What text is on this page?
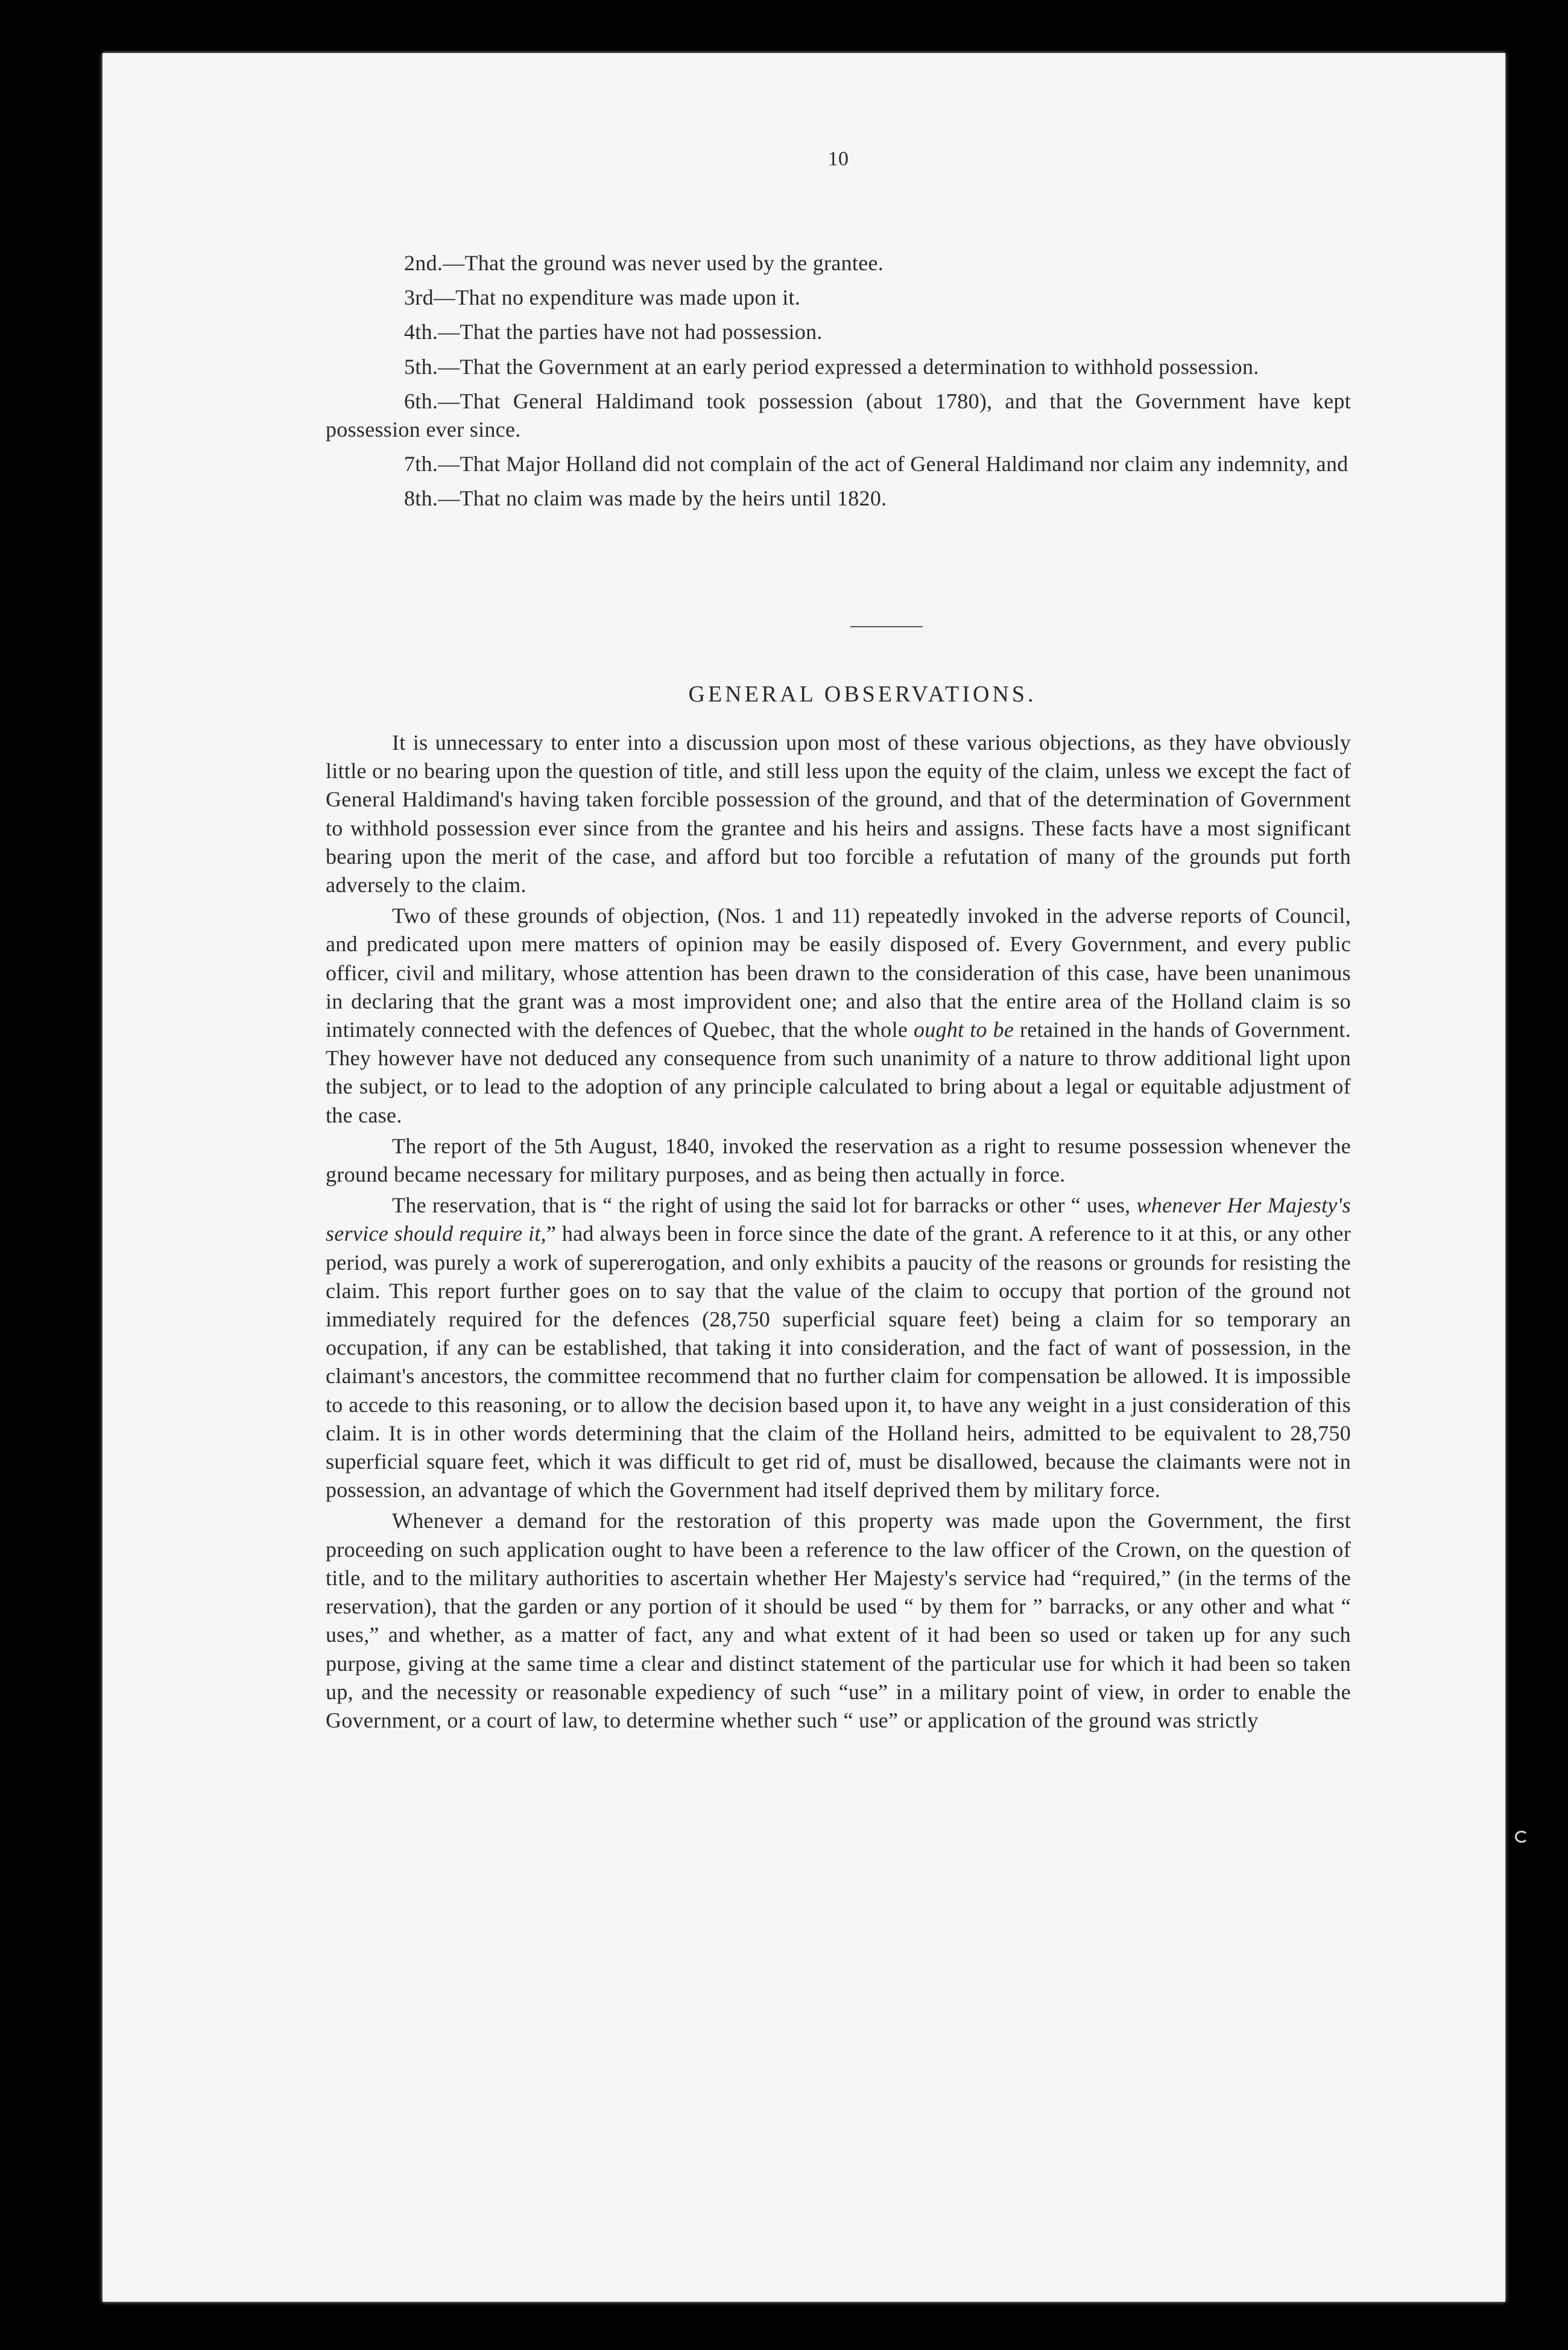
10

2nd.—That the ground was never used by the grantee.

3rd—That no expenditure was made upon it.

4th.—That the parties have not had possession.

5th.—That the Government at an early period expressed a determination to withhold possession.

6th.—That General Haldimand took possession (about 1780), and that the Government have kept possession ever since.

7th.—That Major Holland did not complain of the act of General Haldimand nor claim any indemnity, and

8th.—That no claim was made by the heirs until 1820.

GENERAL OBSERVATIONS.

It is unnecessary to enter into a discussion upon most of these various objections, as they have obviously little or no bearing upon the question of title, and still less upon the equity of the claim, unless we except the fact of General Haldimand's having taken forcible possession of the ground, and that of the determination of Government to withhold possession ever since from the grantee and his heirs and assigns. These facts have a most significant bearing upon the merit of the case, and afford but too forcible a refutation of many of the grounds put forth adversely to the claim.

Two of these grounds of objection, (Nos. 1 and 11) repeatedly invoked in the adverse reports of Council, and predicated upon mere matters of opinion may be easily disposed of. Every Government, and every public officer, civil and military, whose attention has been drawn to the consideration of this case, have been unanimous in declaring that the grant was a most improvident one; and also that the entire area of the Holland claim is so intimately connected with the defences of Quebec, that the whole ought to be retained in the hands of Government. They however have not deduced any consequence from such unanimity of a nature to throw additional light upon the subject, or to lead to the adoption of any principle calculated to bring about a legal or equitable adjustment of the case.

The report of the 5th August, 1840, invoked the reservation as a right to resume possession whenever the ground became necessary for military purposes, and as being then actually in force.

The reservation, that is “ the right of using the said lot for barracks or other “ uses, whenever Her Majesty's service should require it,” had always been in force since the date of the grant. A reference to it at this, or any other period, was purely a work of supererogation, and only exhibits a paucity of the reasons or grounds for resisting the claim. This report further goes on to say that the value of the claim to occupy that portion of the ground not immediately required for the defences (28,750 superficial square feet) being a claim for so temporary an occupation, if any can be established, that taking it into consideration, and the fact of want of possession, in the claimant's ancestors, the committee recommend that no further claim for compensation be allowed. It is impossible to accede to this reasoning, or to allow the decision based upon it, to have any weight in a just consideration of this claim. It is in other words determining that the claim of the Holland heirs, admitted to be equivalent to 28,750 superficial square feet, which it was difficult to get rid of, must be disallowed, because the claimants were not in possession, an advantage of which the Government had itself deprived them by military force.

Whenever a demand for the restoration of this property was made upon the Government, the first proceeding on such application ought to have been a reference to the law officer of the Crown, on the question of title, and to the military authorities to ascertain whether Her Majesty's service had “required,” (in the terms of the reservation), that the garden or any portion of it should be used “ by them for ” barracks, or any other and what “ uses,” and whether, as a matter of fact, any and what extent of it had been so used or taken up for any such purpose, giving at the same time a clear and distinct statement of the particular use for which it had been so taken up, and the necessity or reasonable expediency of such “use” in a military point of view, in order to enable the Government, or a court of law, to determine whether such “ use” or application of the ground was strictly
